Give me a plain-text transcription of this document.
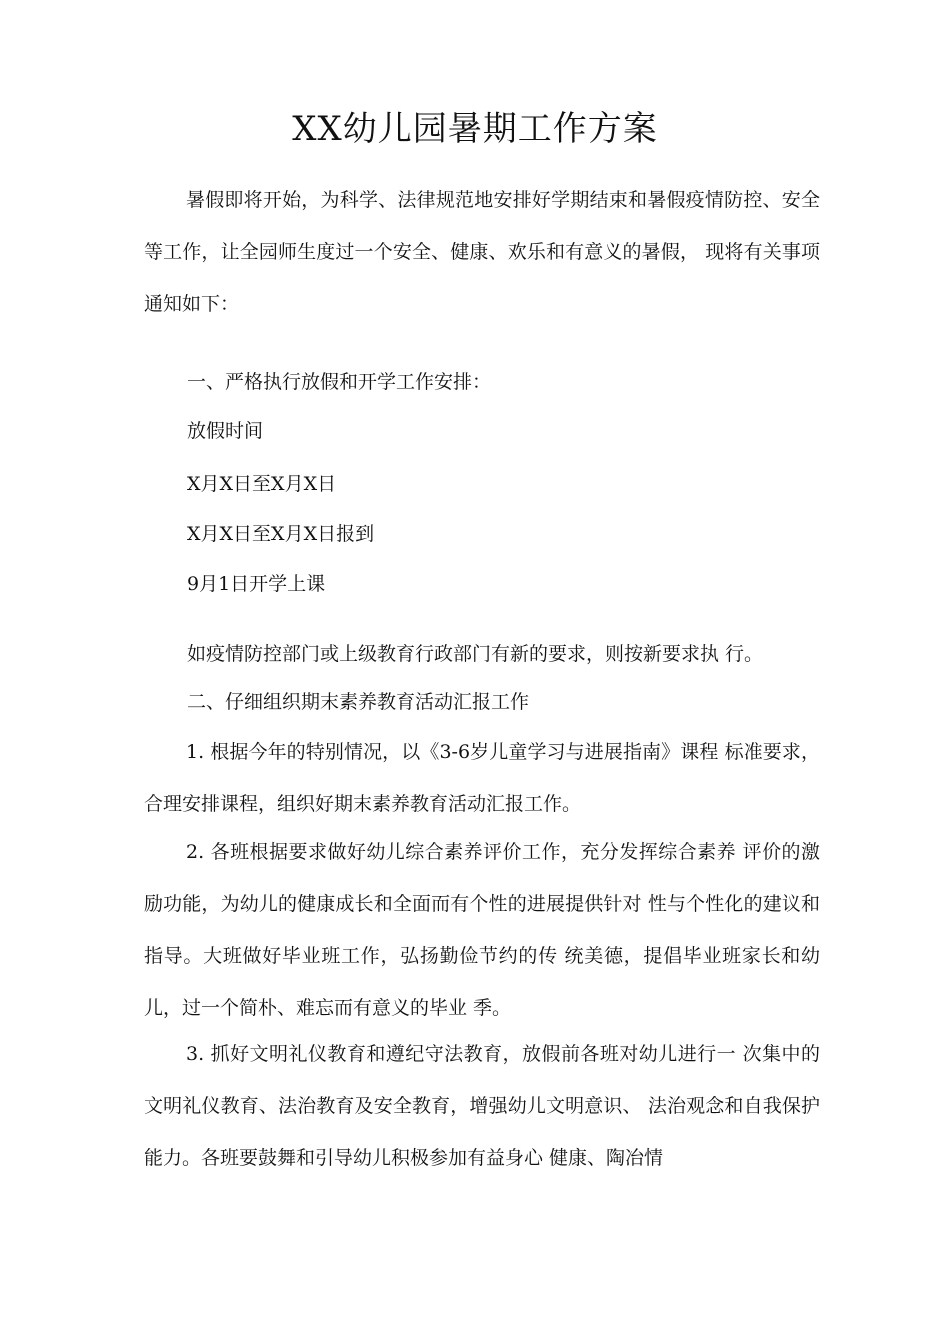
XX幼儿园暑期工作方案
暑假即将开始，为科学、法律规范地安排好学期结束和暑假疫情防控、安全等工作，让全园师生度过一个安全、健康、欢乐和有意义的暑假， 现将有关事项通知如下：
一、严格执行放假和开学工作安排：
放假时间
X月X日至X月X日
X月X日至X月X日报到
9月1日开学上课
如疫情防控部门或上级教育行政部门有新的要求，则按新要求执 行。
二、仔细组织期末素养教育活动汇报工作
1. 根据今年的特别情况，以《3-6岁儿童学习与进展指南》课程 标准要求，合理安排课程，组织好期末素养教育活动汇报工作。
2. 各班根据要求做好幼儿综合素养评价工作，充分发挥综合素养 评价的激励功能，为幼儿的健康成长和全面而有个性的进展提供针对 性与个性化的建议和指导。大班做好毕业班工作，弘扬勤俭节约的传 统美德，提倡毕业班家长和幼儿，过一个简朴、难忘而有意义的毕业 季。
3. 抓好文明礼仪教育和遵纪守法教育，放假前各班对幼儿进行一 次集中的文明礼仪教育、法治教育及安全教育，增强幼儿文明意识、 法治观念和自我保护能力。各班要鼓舞和引导幼儿积极参加有益身心 健康、陶冶情
